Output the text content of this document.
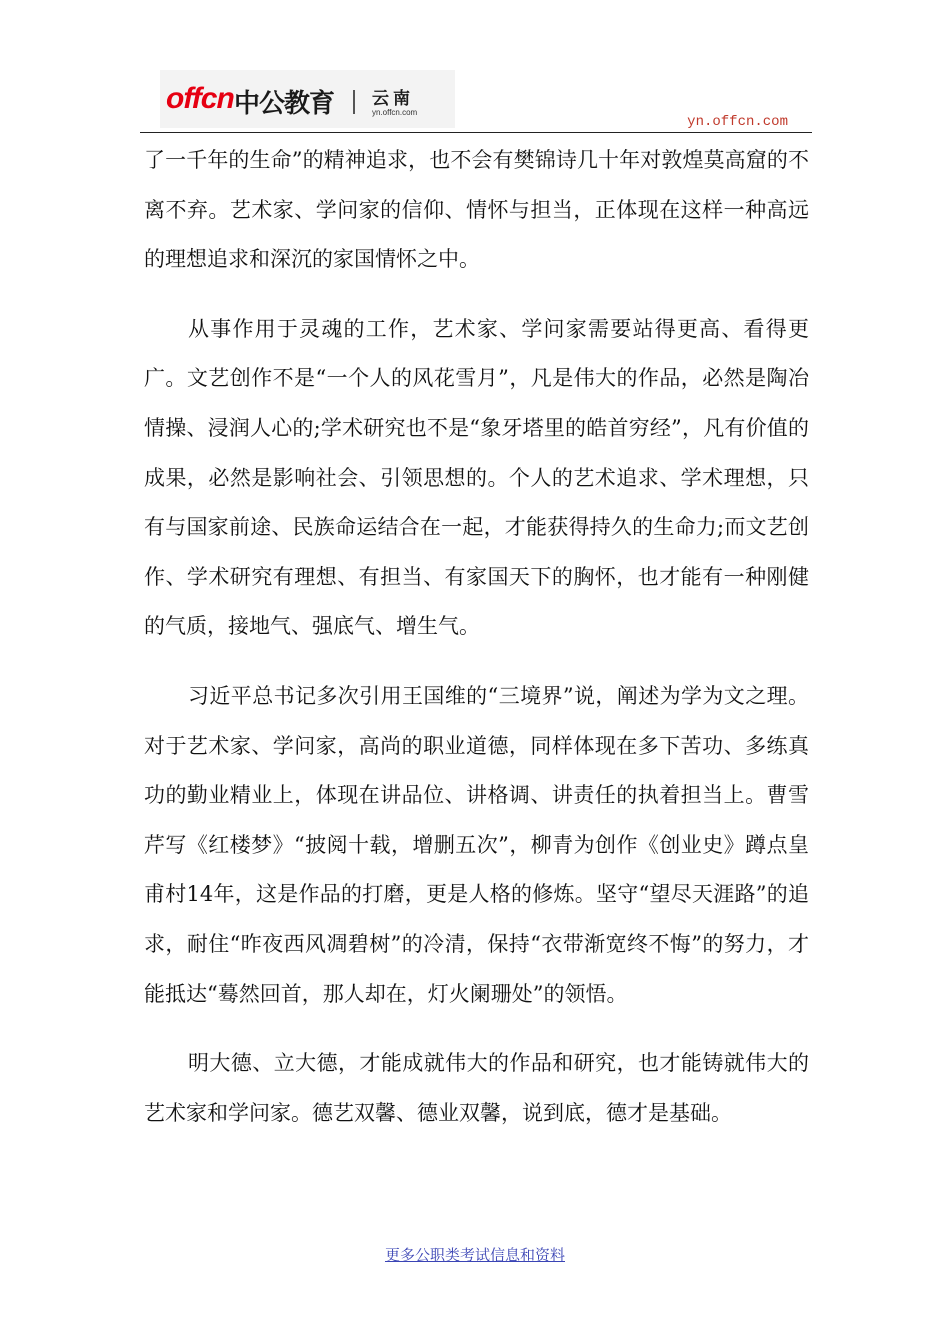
offcn 中公教育 云南
yn.offcn.com
yn.offcn.com

了一千年的生命”的精神追求，也不会有樊锦诗几十年对敦煌莫高窟的不离不弃。艺术家、学问家的信仰、情怀与担当，正体现在这样一种高远的理想追求和深沉的家国情怀之中。

从事作用于灵魂的工作，艺术家、学问家需要站得更高、看得更广。文艺创作不是“一个人的风花雪月”，凡是伟大的作品，必然是陶冶情操、浸润人心的;学术研究也不是“象牙塔里的皓首穷经”，凡有价值的成果，必然是影响社会、引领思想的。个人的艺术追求、学术理想，只有与国家前途、民族命运结合在一起，才能获得持久的生命力;而文艺创作、学术研究有理想、有担当、有家国天下的胸怀，也才能有一种刚健的气质，接地气、强底气、增生气。

习近平总书记多次引用王国维的“三境界”说，阐述为学为文之理。对于艺术家、学问家，高尚的职业道德，同样体现在多下苦功、多练真功的勤业精业上，体现在讲品位、讲格调、讲责任的执着担当上。曹雪芹写《红楼梦》“披阅十载，增删五次”，柳青为创作《创业史》蹲点皇甫村14年，这是作品的打磨，更是人格的修炼。坚守“望尽天涯路”的追求，耐住“昨夜西风凋碧树”的冷清，保持“衣带渐宽终不悔”的努力，才能抵达“蓦然回首，那人却在，灯火阑珊处”的领悟。

明大德、立大德，才能成就伟大的作品和研究，也才能铸就伟大的艺术家和学问家。德艺双馨、德业双馨，说到底，德才是基础。

更多公职类考试信息和资料
